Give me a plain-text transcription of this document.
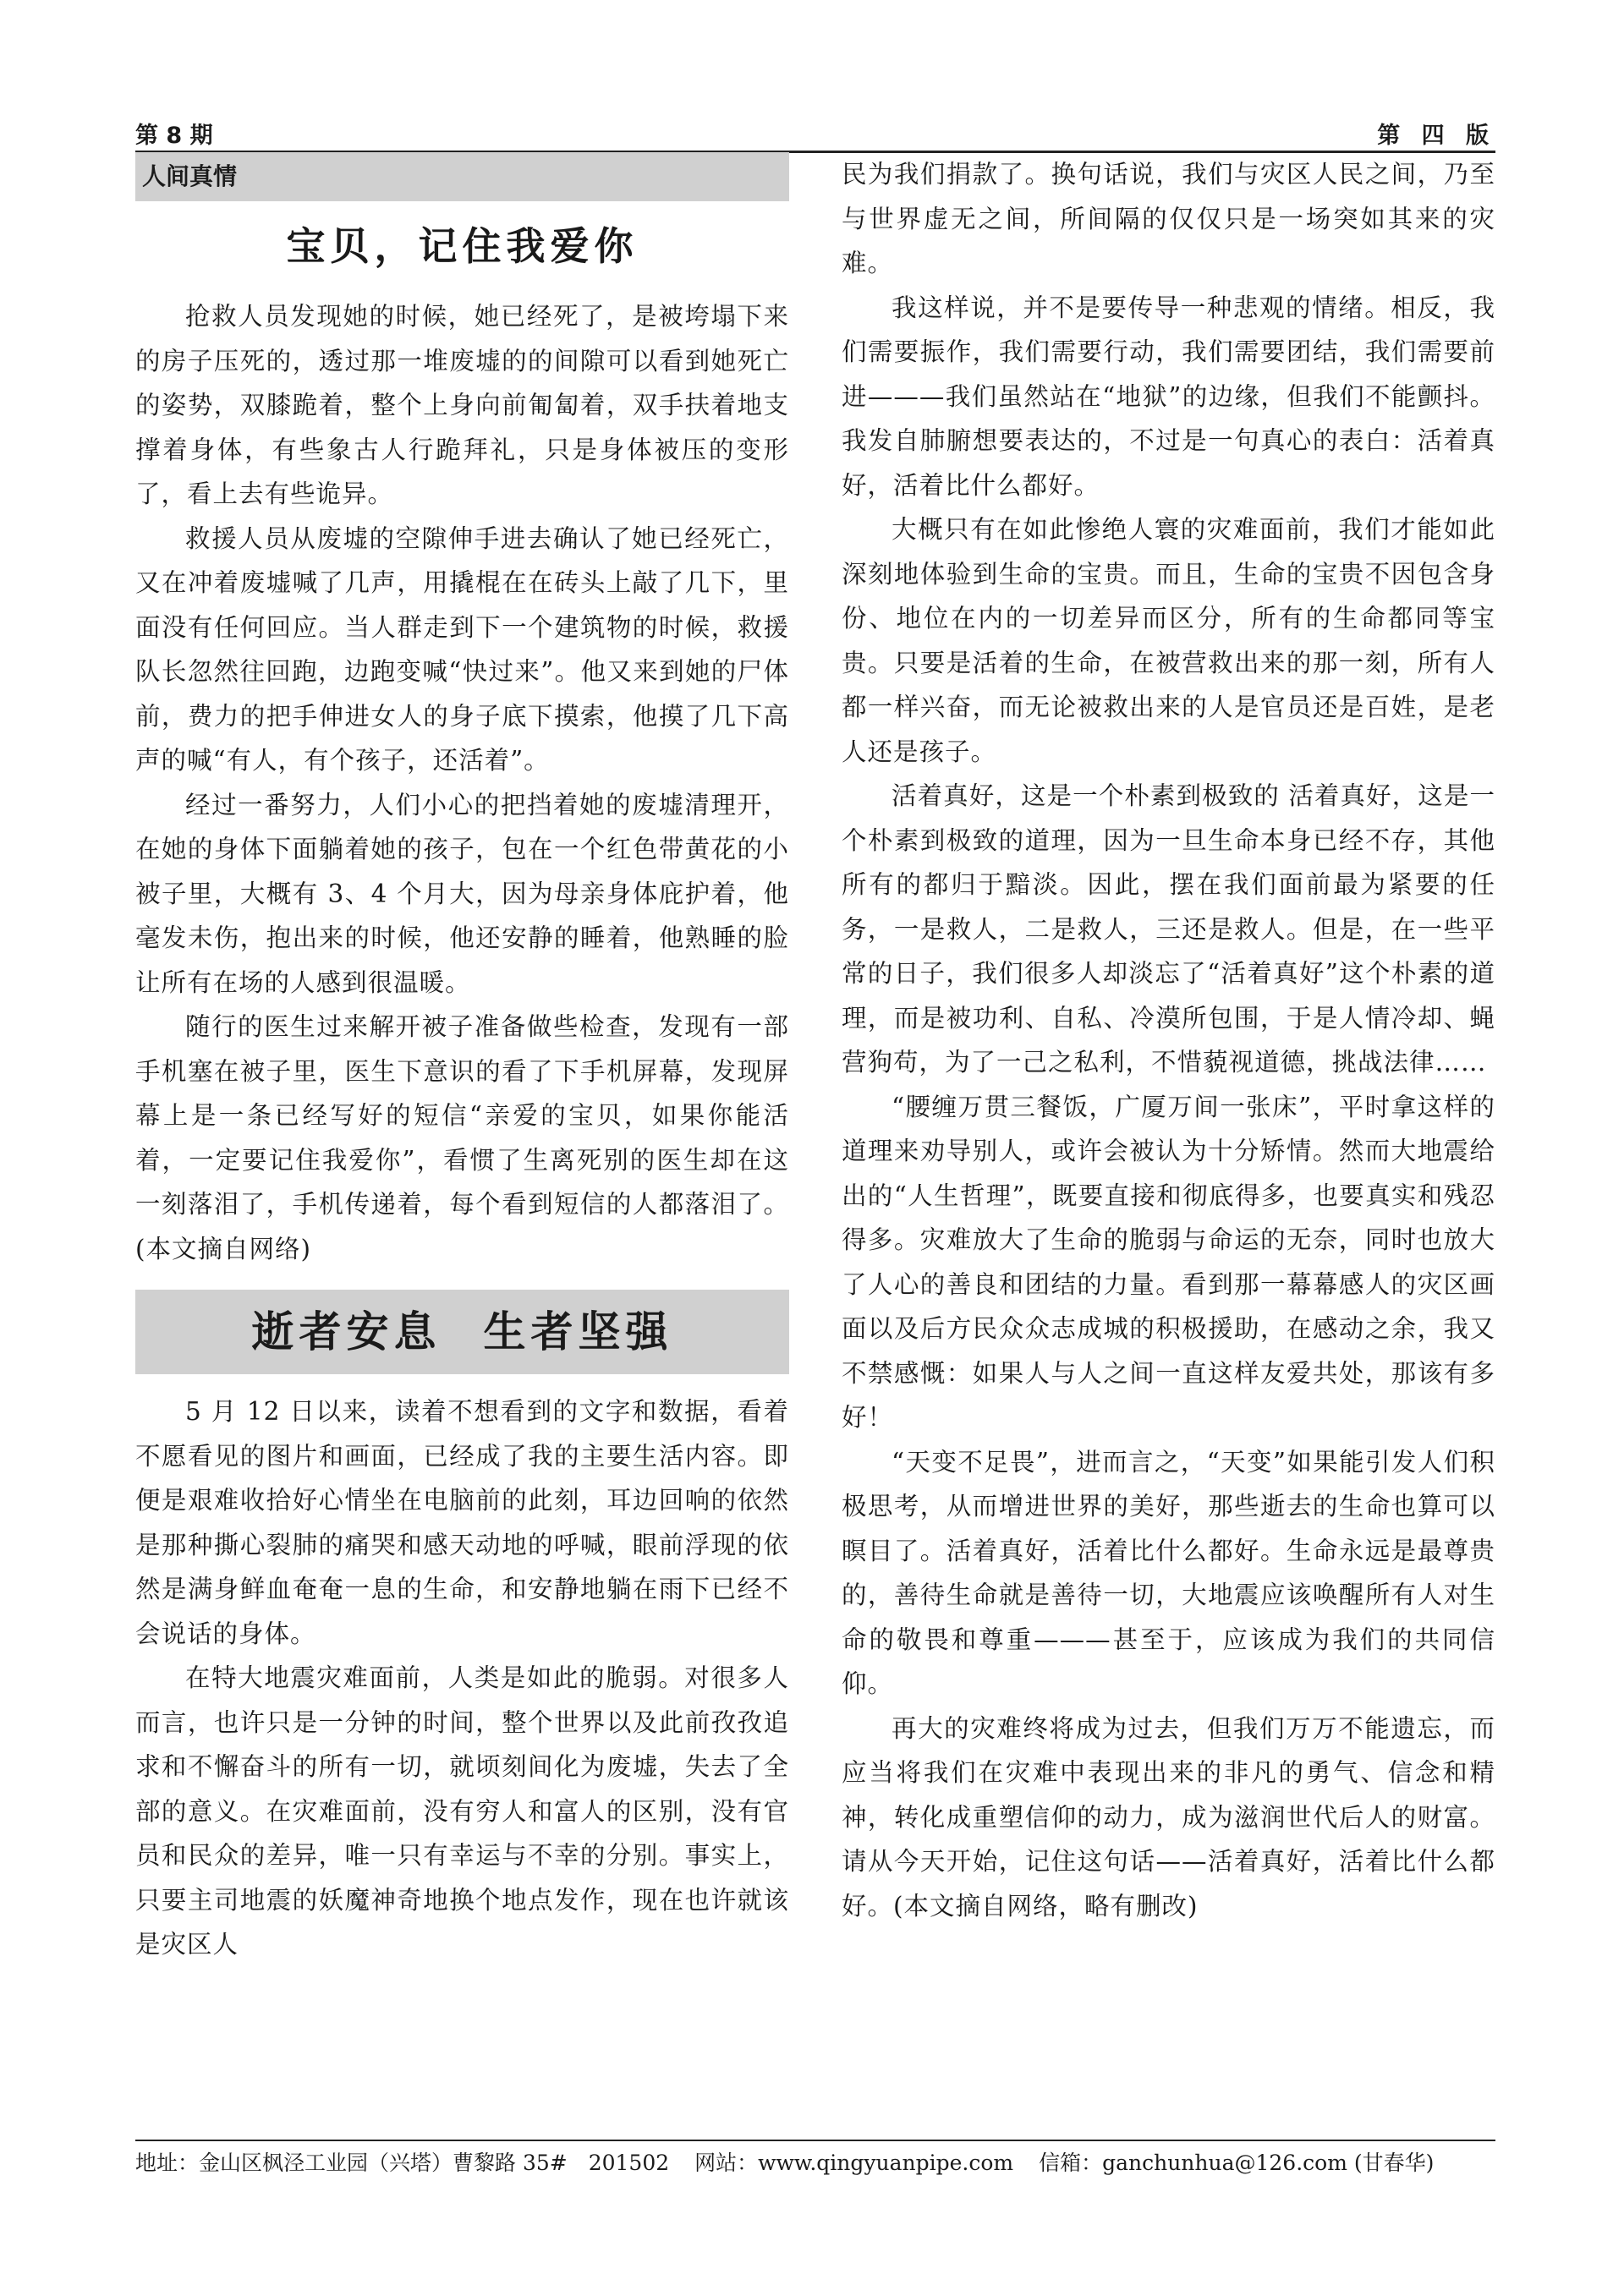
第 8 期	第 四 版
人间真情
宝贝，记住我爱你

抢救人员发现她的时候，她已经死了，是被垮塌下来的房子压死的，透过那一堆废墟的的间隙可以看到她死亡的姿势，双膝跪着，整个上身向前匍匐着，双手扶着地支撑着身体，有些象古人行跪拜礼，只是身体被压的变形了，看上去有些诡异。

救援人员从废墟的空隙伸手进去确认了她已经死亡，又在冲着废墟喊了几声，用撬棍在在砖头上敲了几下，里面没有任何回应。当人群走到下一个建筑物的时候，救援队长忽然往回跑，边跑变喊“快过来”。他又来到她的尸体前，费力的把手伸进女人的身子底下摸索，他摸了几下高声的喊“有人，有个孩子，还活着”。

经过一番努力，人们小心的把挡着她的废墟清理开，在她的身体下面躺着她的孩子，包在一个红色带黄花的小被子里，大概有 3、4 个月大，因为母亲身体庇护着，他毫发未伤，抱出来的时候，他还安静的睡着，他熟睡的脸让所有在场的人感到很温暖。

随行的医生过来解开被子准备做些检查，发现有一部手机塞在被子里，医生下意识的看了下手机屏幕，发现屏幕上是一条已经写好的短信“亲爱的宝贝，如果你能活着，一定要记住我爱你”，看惯了生离死别的医生却在这一刻落泪了，手机传递着，每个看到短信的人都落泪了。(本文摘自网络)

逝者安息 生者坚强

5 月 12 日以来，读着不想看到的文字和数据，看着不愿看见的图片和画面，已经成了我的主要生活内容。即便是艰难收拾好心情坐在电脑前的此刻，耳边回响的依然是那种撕心裂肺的痛哭和感天动地的呼喊，眼前浮现的依然是满身鲜血奄奄一息的生命，和安静地躺在雨下已经不会说话的身体。

在特大地震灾难面前，人类是如此的脆弱。对很多人而言，也许只是一分钟的时间，整个世界以及此前孜孜追求和不懈奋斗的所有一切，就顷刻间化为废墟，失去了全部的意义。在灾难面前，没有穷人和富人的区别，没有官员和民众的差异，唯一只有幸运与不幸的分别。事实上，只要主司地震的妖魔神奇地换个地点发作，现在也许就该是灾区人

民为我们捐款了。换句话说，我们与灾区人民之间，乃至与世界虚无之间，所间隔的仅仅只是一场突如其来的灾难。

我这样说，并不是要传导一种悲观的情绪。相反，我们需要振作，我们需要行动，我们需要团结，我们需要前进———我们虽然站在“地狱”的边缘，但我们不能颤抖。我发自肺腑想要表达的，不过是一句真心的表白：活着真好，活着比什么都好。

大概只有在如此惨绝人寰的灾难面前，我们才能如此深刻地体验到生命的宝贵。而且，生命的宝贵不因包含身份、地位在内的一切差异而区分，所有的生命都同等宝贵。只要是活着的生命，在被营救出来的那一刻，所有人都一样兴奋，而无论被救出来的人是官员还是百姓，是老人还是孩子。

活着真好，这是一个朴素到极致的 活着真好，这是一个朴素到极致的道理，因为一旦生命本身已经不存，其他所有的都归于黯淡。因此，摆在我们面前最为紧要的任务，一是救人，二是救人，三还是救人。但是，在一些平常的日子，我们很多人却淡忘了“活着真好”这个朴素的道理，而是被功利、自私、冷漠所包围，于是人情冷却、蝇营狗苟，为了一己之私利，不惜藐视道德，挑战法律……

“腰缠万贯三餐饭，广厦万间一张床”，平时拿这样的道理来劝导别人，或许会被认为十分矫情。然而大地震给出的“人生哲理”，既要直接和彻底得多，也要真实和残忍得多。灾难放大了生命的脆弱与命运的无奈，同时也放大了人心的善良和团结的力量。看到那一幕幕感人的灾区画面以及后方民众众志成城的积极援助，在感动之余，我又不禁感慨：如果人与人之间一直这样友爱共处，那该有多好！

“天变不足畏”，进而言之，“天变”如果能引发人们积极思考，从而增进世界的美好，那些逝去的生命也算可以瞑目了。活着真好，活着比什么都好。生命永远是最尊贵的，善待生命就是善待一切，大地震应该唤醒所有人对生命的敬畏和尊重———甚至于，应该成为我们的共同信仰。

再大的灾难终将成为过去，但我们万万不能遗忘，而应当将我们在灾难中表现出来的非凡的勇气、信念和精神，转化成重塑信仰的动力，成为滋润世代后人的财富。请从今天开始，记住这句话——活着真好，活着比什么都好。(本文摘自网络，略有删改)

地址：金山区枫泾工业园（兴塔）曹黎路 35#　201502 网站：www.qingyuanpipe.com 信箱：ganchunhua@126.com (甘春华)
